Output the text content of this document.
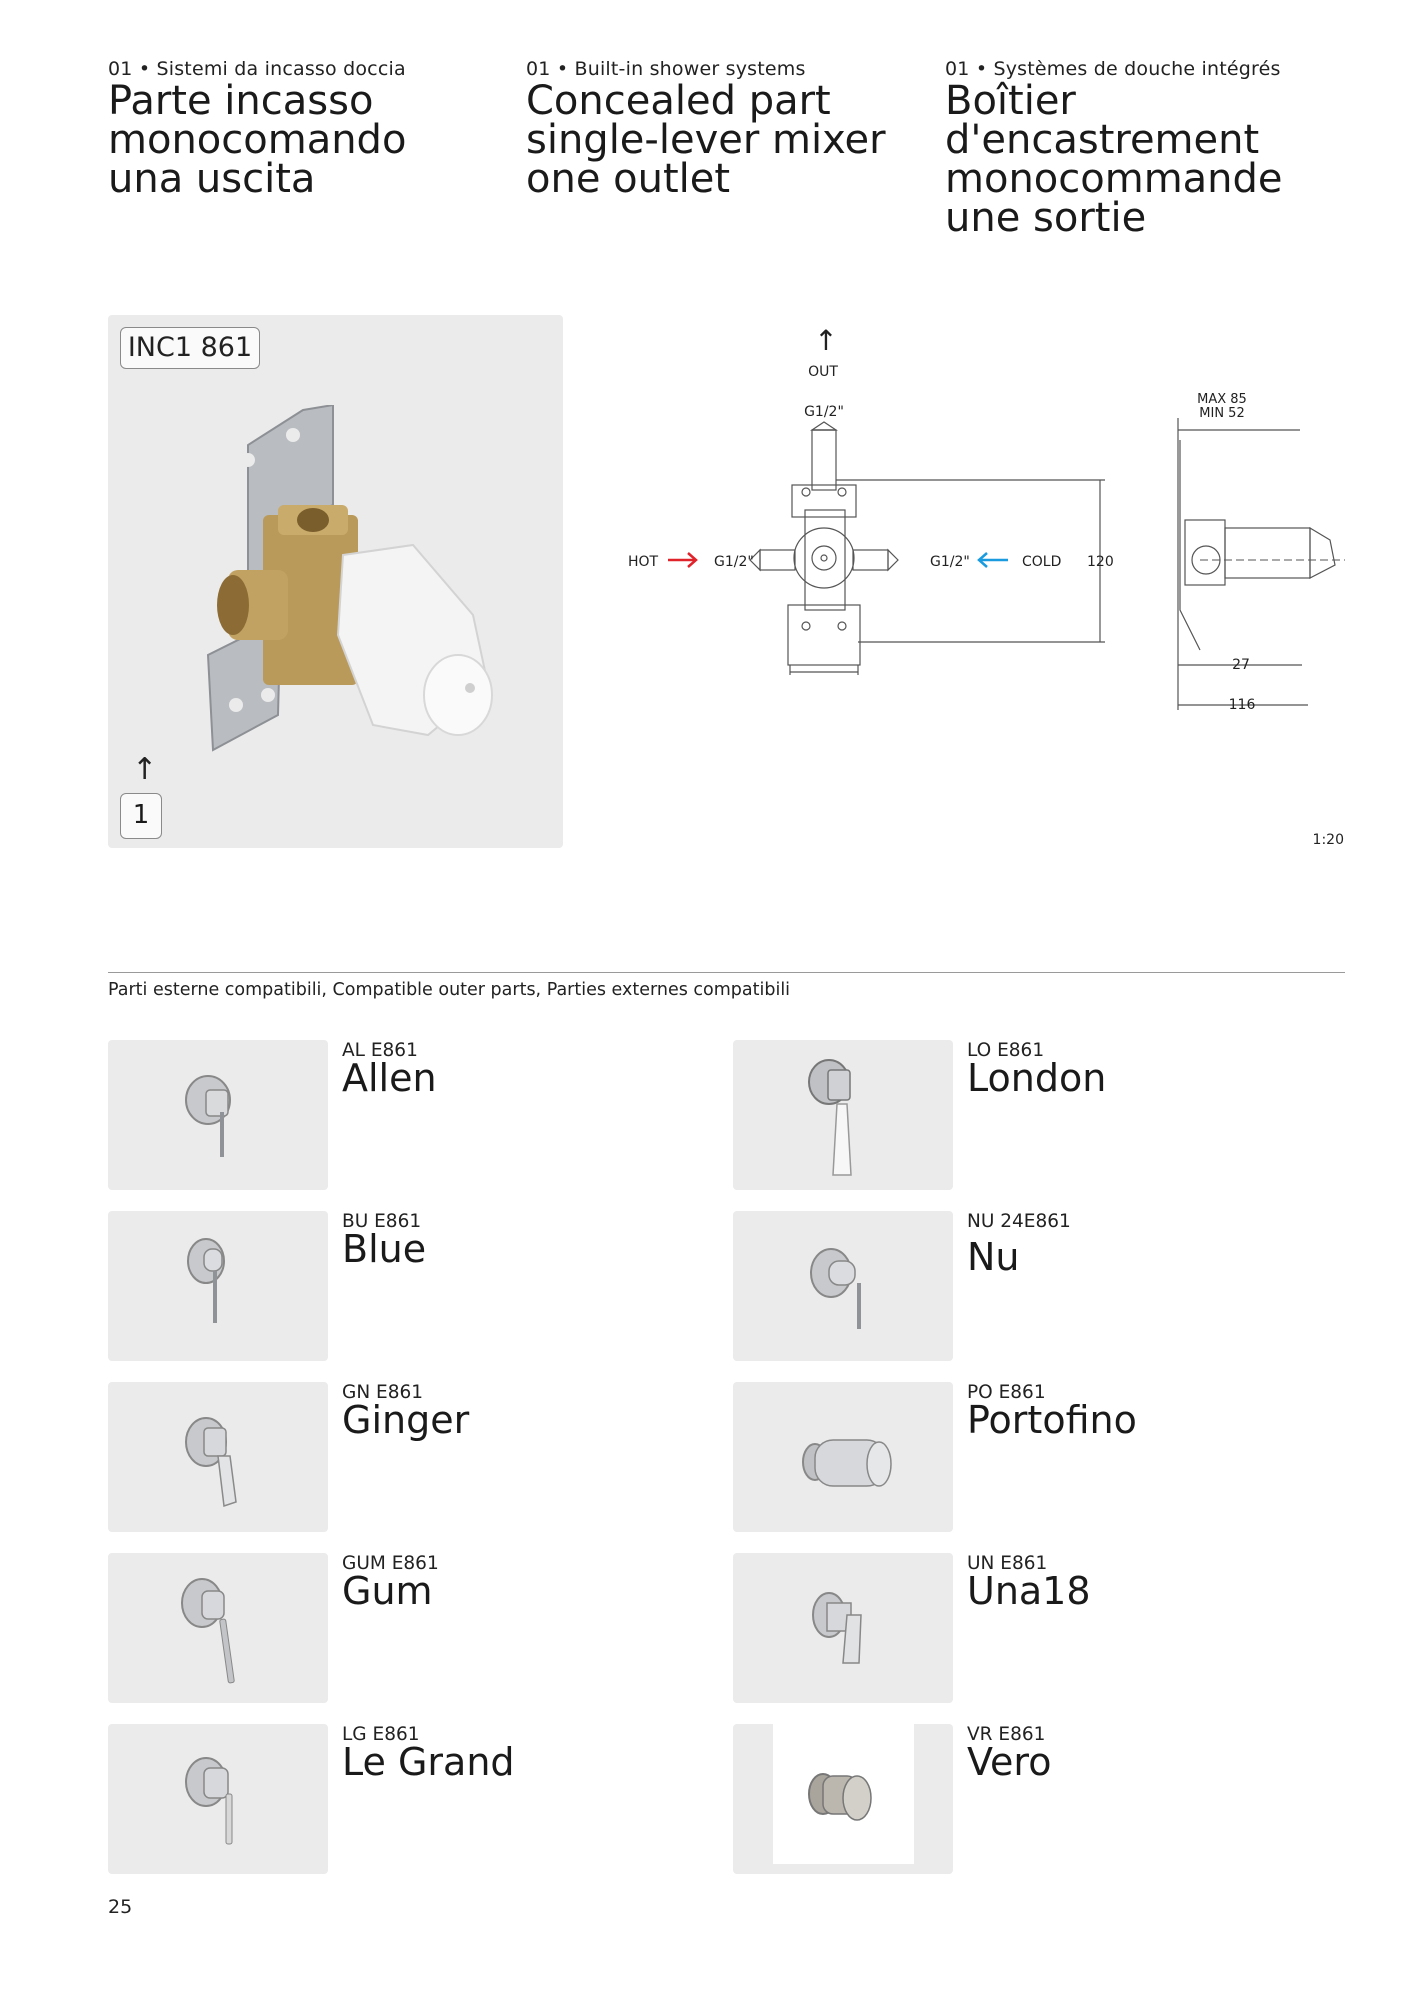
01 • Sistemi da incasso doccia
Parte incasso
monocomando
una uscita
01 • Built-in shower systems
Concealed part
single-lever mixer
one outlet
01 • Systèmes de douche intégrés
Boîtier d'encastrement
monocommande
une sortie
INC1 861
↑
1
↑
OUT
G1/2"
HOT	G1/2"	G1/2"	COLD 120
MAX 85
MIN 52
27
116
1:20
Parti esterne compatibili, Compatible outer parts, Parties externes compatibili
AL E861
Allen
LO E861
London
BU E861
Blue
NU 24E861
Nu
GN E861
Ginger
PO E861
Portofino
GUM E861
Gum
UN E861
Una18
LG E861
Le Grand
VR E861
Vero
25
